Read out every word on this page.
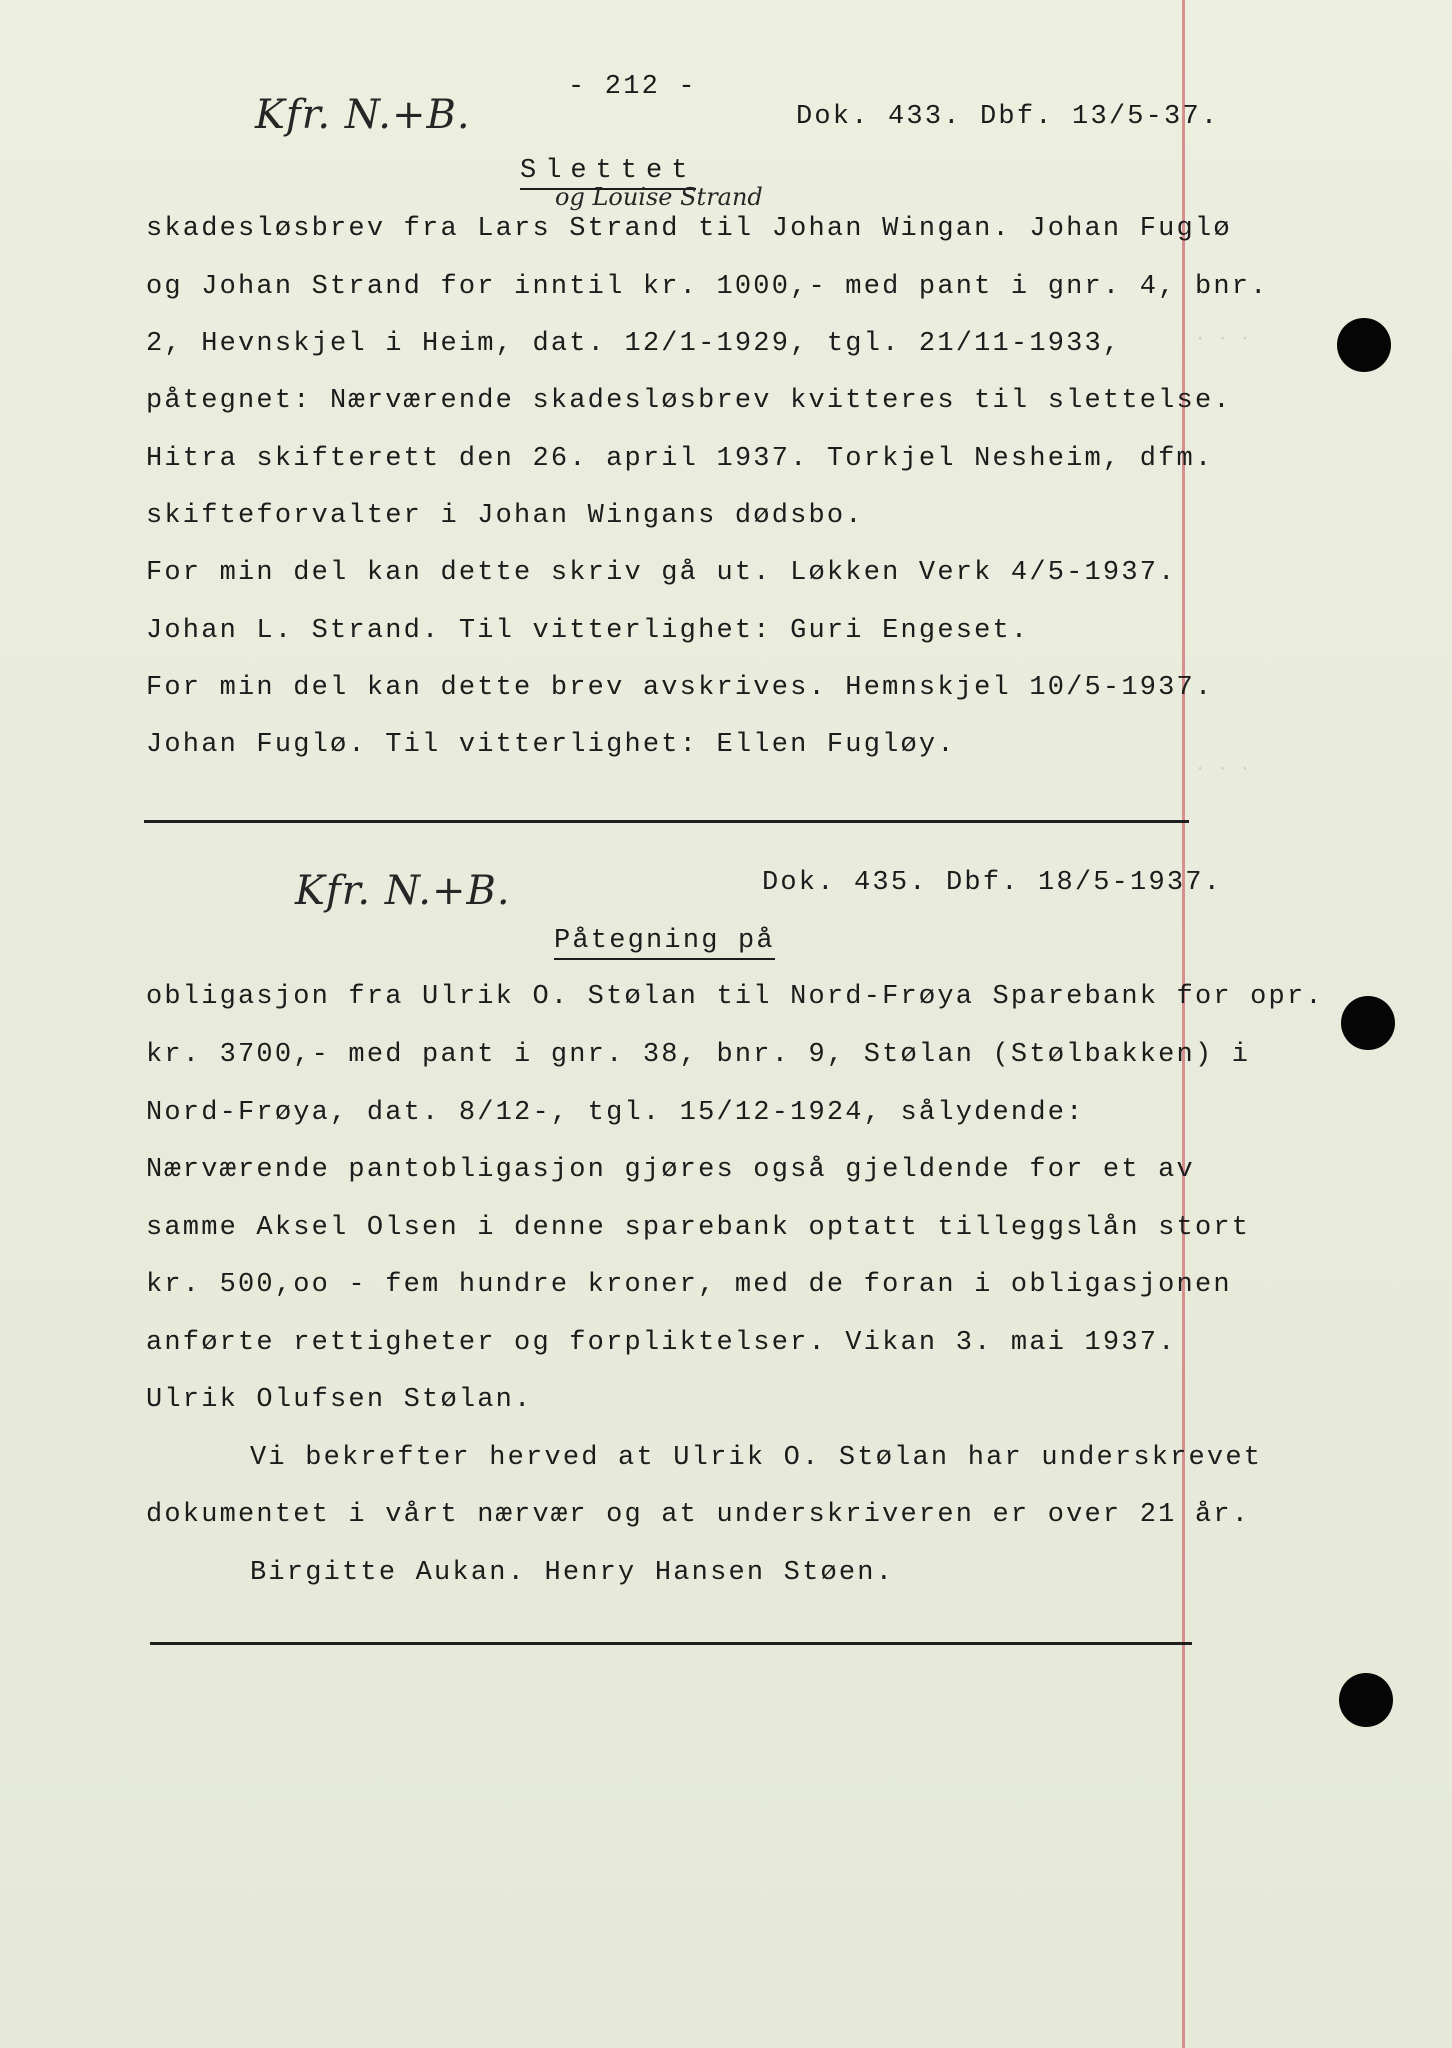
· · ·
· · ·
Kfr. N.+B.
- 212 -
Dok. 433. Dbf. 13/5-37.
Slettet
og Louise Strand
skadesløsbrev fra Lars Strand til Johan Wingan. Johan Fuglø
og Johan Strand for inntil kr. 1000,- med pant i gnr. 4, bnr.
2, Hevnskjel i Heim, dat. 12/1-1929, tgl. 21/11-1933,
påtegnet: Nærværende skadesløsbrev kvitteres til slettelse.
Hitra skifterett den 26. april 1937. Torkjel Nesheim, dfm.
skifteforvalter i Johan Wingans dødsbo.
For min del kan dette skriv gå ut. Løkken Verk 4/5-1937.
Johan L. Strand. Til vitterlighet: Guri Engeset.
For min del kan dette brev avskrives. Hemnskjel 10/5-1937.
Johan Fuglø. Til vitterlighet: Ellen Fugløy.
Kfr. N.+B.	Dok. 435. Dbf. 18/5-1937.
Påtegning på
obligasjon fra Ulrik O. Stølan til Nord-Frøya Sparebank for opr.
kr. 3700,- med pant i gnr. 38, bnr. 9, Stølan (Stølbakken) i
Nord-Frøya, dat. 8/12-, tgl. 15/12-1924, sålydende:
Nærværende pantobligasjon gjøres også gjeldende for et av
samme Aksel Olsen i denne sparebank optatt tilleggslån stort
kr. 500,oo - fem hundre kroner, med de foran i obligasjonen
anførte rettigheter og forpliktelser. Vikan 3. mai 1937.
Ulrik Olufsen Stølan.
Vi bekrefter herved at Ulrik O. Stølan har underskrevet
dokumentet i vårt nærvær og at underskriveren er over 21 år.
Birgitte Aukan. Henry Hansen Støen.
